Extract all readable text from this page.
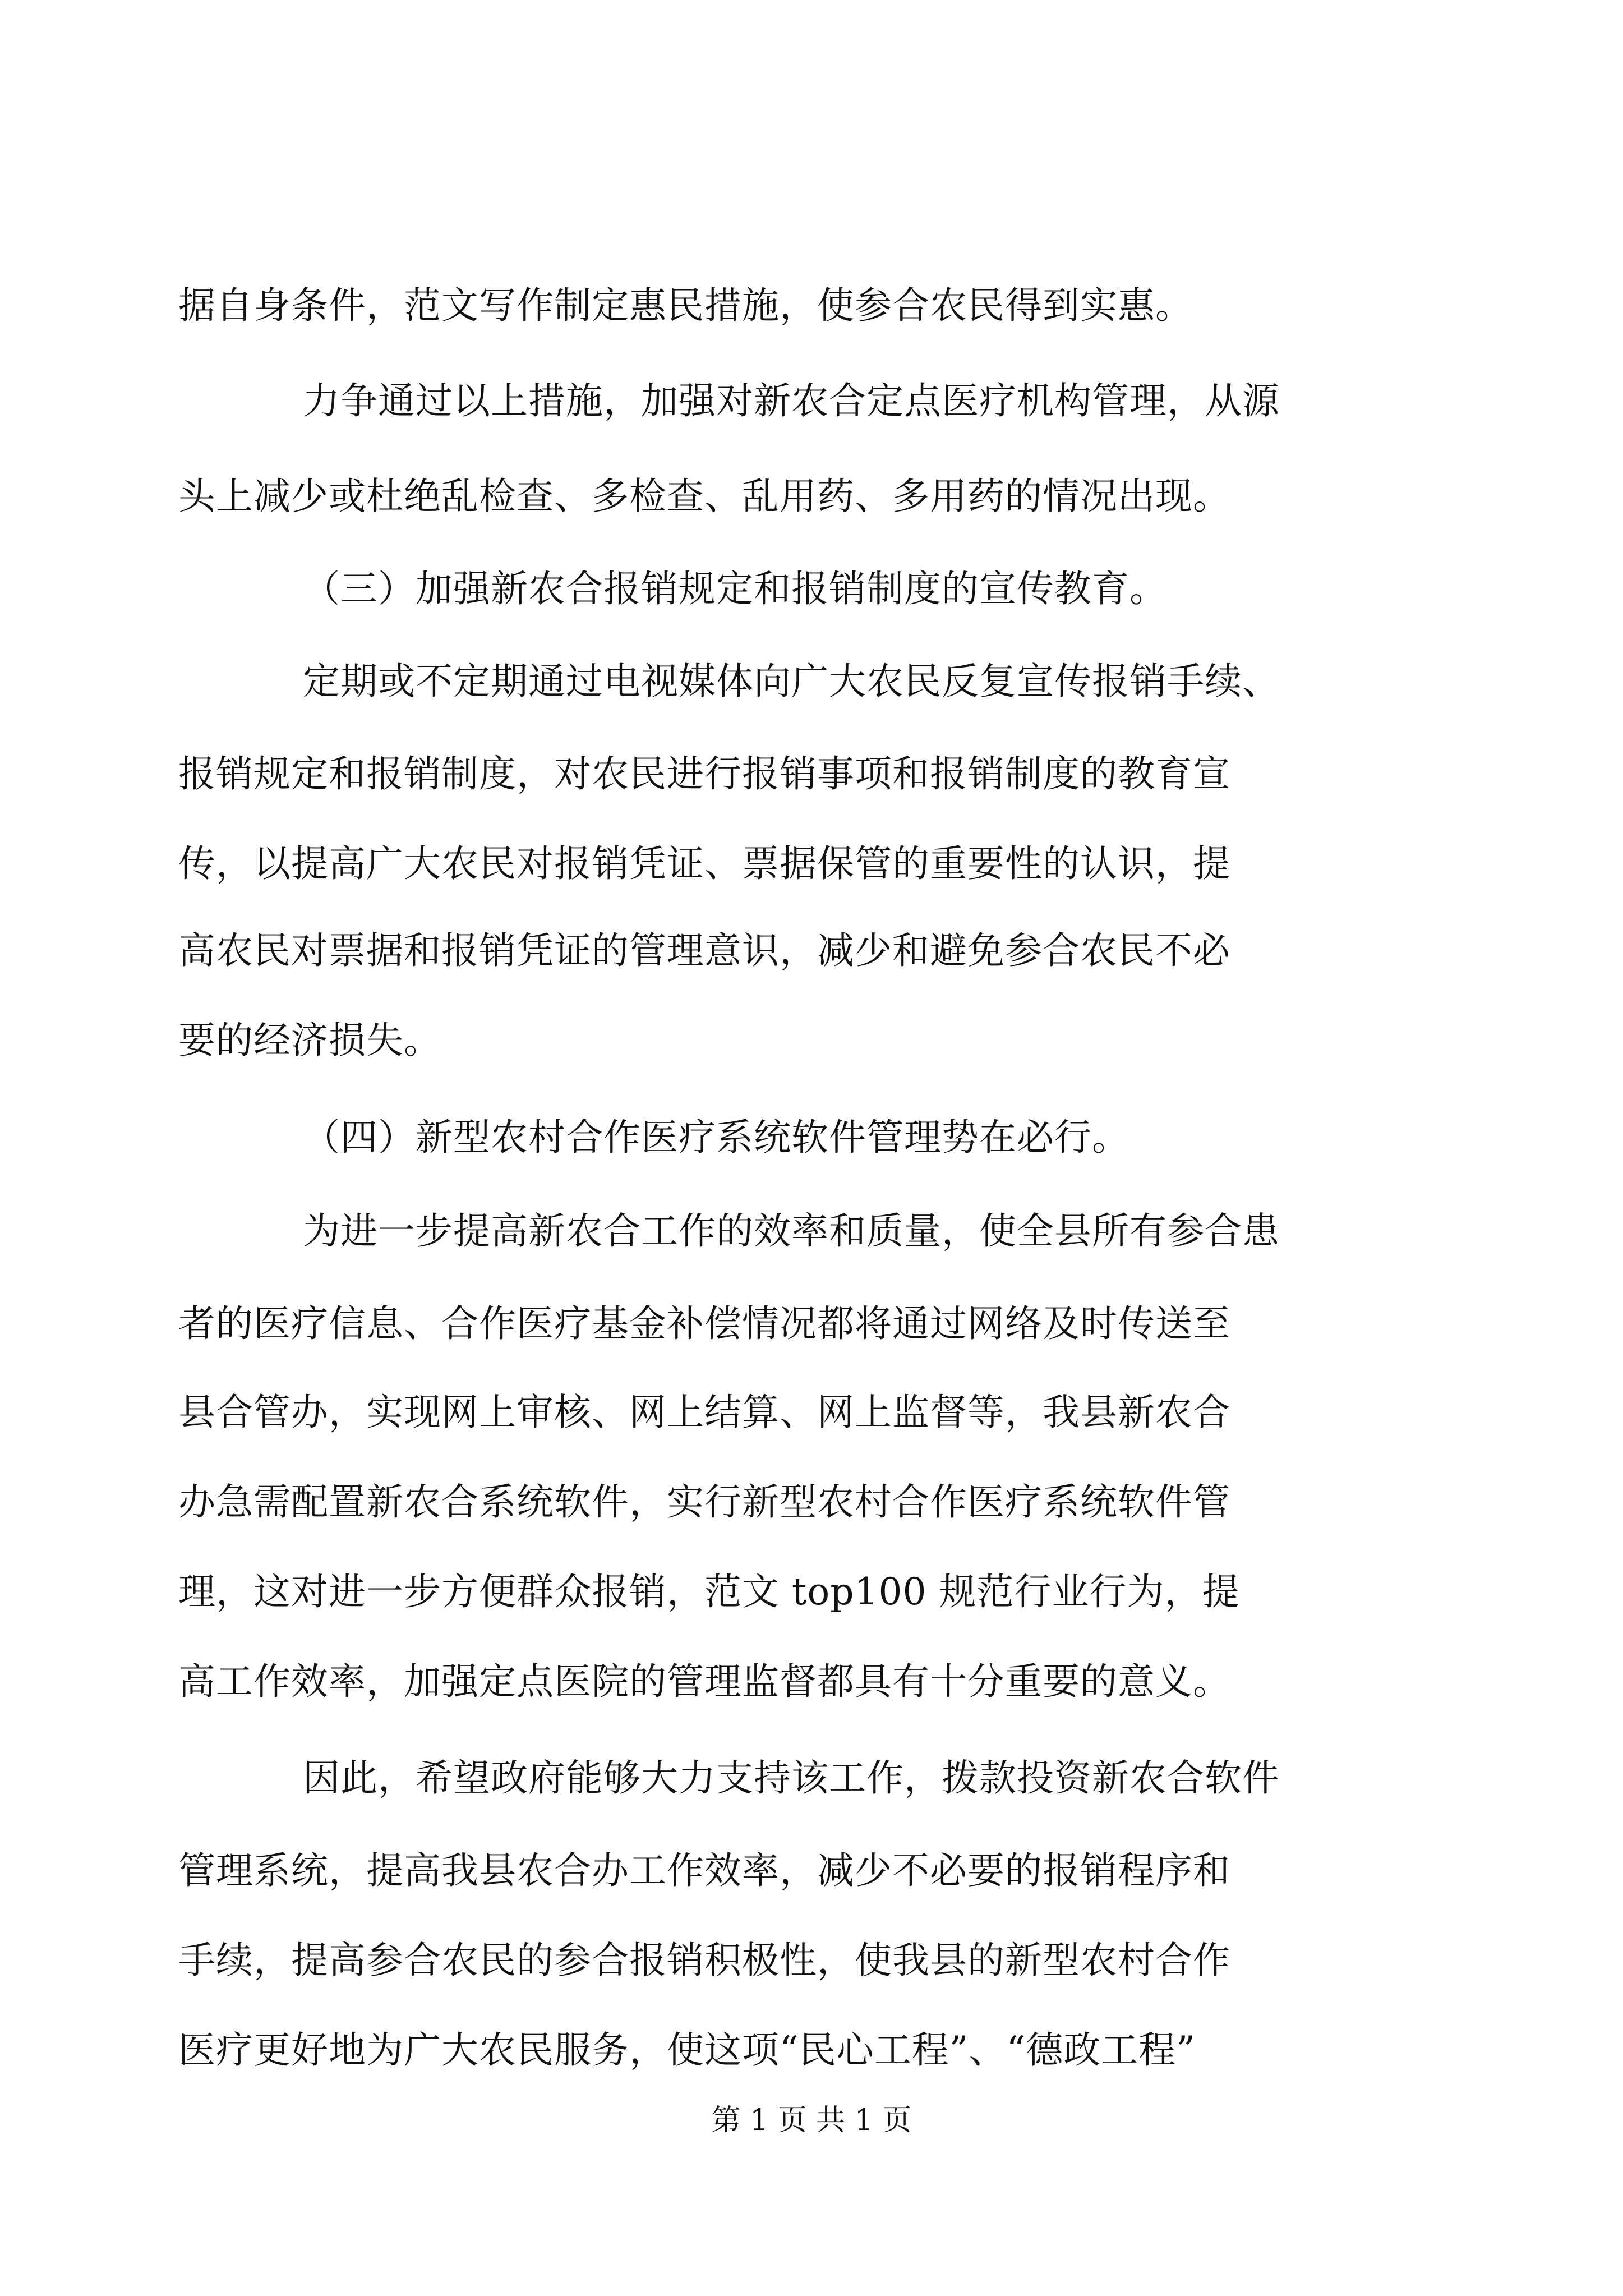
据自身条件，范文写作制定惠民措施，使参合农民得到实惠。

力争通过以上措施，加强对新农合定点医疗机构管理，从源

头上减少或杜绝乱检查、多检查、乱用药、多用药的情况出现。

（三）加强新农合报销规定和报销制度的宣传教育。

定期或不定期通过电视媒体向广大农民反复宣传报销手续、

报销规定和报销制度，对农民进行报销事项和报销制度的教育宣

传，以提高广大农民对报销凭证、票据保管的重要性的认识，提

高农民对票据和报销凭证的管理意识，减少和避免参合农民不必

要的经济损失。

（四）新型农村合作医疗系统软件管理势在必行。

为进一步提高新农合工作的效率和质量，使全县所有参合患

者的医疗信息、合作医疗基金补偿情况都将通过网络及时传送至

县合管办，实现网上审核、网上结算、网上监督等，我县新农合

办急需配置新农合系统软件，实行新型农村合作医疗系统软件管

理，这对进一步方便群众报销，范文 top100 规范行业行为，提

高工作效率，加强定点医院的管理监督都具有十分重要的意义。

因此，希望政府能够大力支持该工作，拨款投资新农合软件

管理系统，提高我县农合办工作效率，减少不必要的报销程序和

手续，提高参合农民的参合报销积极性，使我县的新型农村合作

医疗更好地为广大农民服务，使这项“民心工程”、“德政工程”

第 1 页 共 1 页
